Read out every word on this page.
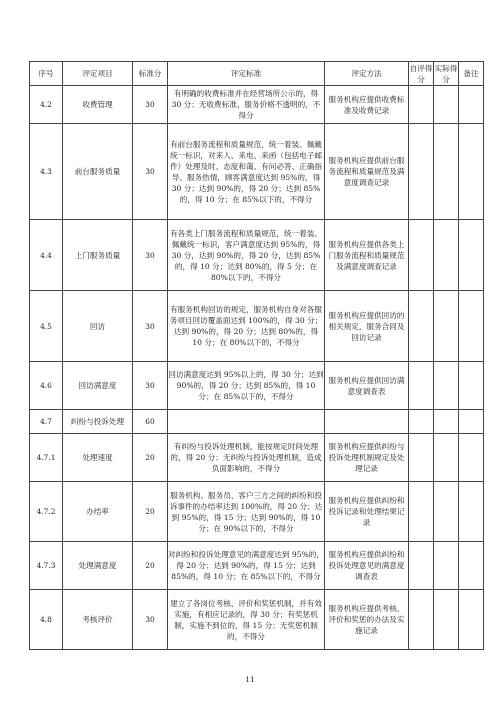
序号	评定项目	标准分	评定标准	评定方法	自评得分	实际得分	备注
4.2	收费管理	30	有明确的收费标准并在经营场所公示的，得 30 分；无收费标准、服务价格不透明的，不得分	服务机构应提供收费标准及收费记录			
4.3	前台服务质量	30	有前台服务流程和质量规范，统一着装、佩戴统一标识，对来人、来电、来函（包括电子邮件）处理及时、态度和蔼、有问必答、正确指导、服务热情，顾客满意度达到 95%的，得 30 分；达到 90%的，得 20 分；达到 85%的，得 10 分；在 85%以下的，不得分	服务机构应提供前台服务流程和质量规范及满意度调查记录			
4.4	上门服务质量	30	有各类上门服务流程和质量规范，统一着装、佩戴统一标识，客户满意度达到 95%的，得 30 分，达到 90%的，得 20 分，达到 85%的，得 10 分；达到 80%的，得 5 分；在 80%以下的，不得分	服务机构应提供各类上门服务流程和质量规范及满意度调查记录			
4.5	回访	30	有服务机构回访的规定，服务机构自身对各服务项目回访覆盖面达到 100%的，得 30 分；达到 90%的，得 20 分；达到 80%的，得 10 分；在 80%以下的，不得分	服务机构应提供回访的相关规定，服务合同及回访记录			
4.6	回访满意度	30	回访满意度达到 95%以上的，得 30 分；达到 90%的，得 20 分；达到 85%的，得 10 分；在 85%以下的，不得分	服务机构应提供回访满意度调查表			
4.7	纠纷与投诉处理	60					
4.7.1	处理速度	20	有纠纷与投诉处理机制，能按规定时间处理的，得 20 分；无纠纷与投诉处理机制，造成负面影响的，不得分	服务机构应提供纠纷与投诉处理机制规定及处理记录			
4.7.2	办结率	20	服务机构、服务员、客户三方之间的纠纷和投诉事件的办结率达到 100%的，得 20 分；达到 95%的，得 15 分；达到 90%的，得 10 分；在 90%以下的，不得分	服务机构应提供纠纷和投诉记录和处理结果记录			
4.7.3	处理满意度	20	对纠纷和投诉处理意见的满意度达到 95%的，得 20 分；达到 90%的，得 15 分；达到 85%的，得 10 分；在 85%以下的，不得分	服务机构应提供纠纷和投诉处理意见的满意度调查表			
4.8	考核评价	30	建立了各岗位考核、评价和奖惩机制，并有效实施，有相应记录的，得 30 分；有奖惩机制，实施不到位的，得 15 分；无奖惩机制的，不得分	服务机构应提供考核、评价和奖惩的办法及实施记录			
11
